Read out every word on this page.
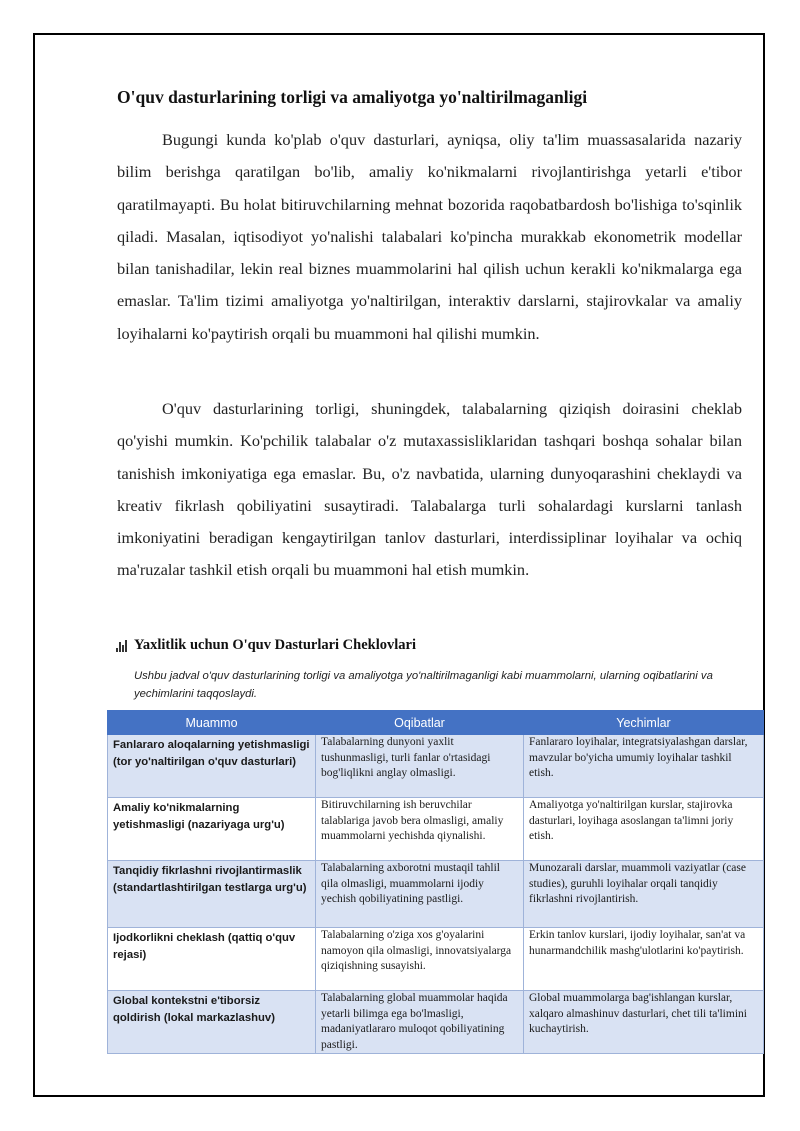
O'quv dasturlarining torligi va amaliyotga yo'naltirilmaganligi

Bugungi kunda ko'plab o'quv dasturlari, ayniqsa, oliy ta'lim muassasalarida nazariy bilim berishga qaratilgan bo'lib, amaliy ko'nikmalarni rivojlantirishga yetarli e'tibor qaratilmayapti. Bu holat bitiruvchilarning mehnat bozorida raqobatbardosh bo'lishiga to'sqinlik qiladi. Masalan, iqtisodiyot yo'nalishi talabalari ko'pincha murakkab ekonometrik modellar bilan tanishadilar, lekin real biznes muammolarini hal qilish uchun kerakli ko'nikmalarga ega emaslar. Ta'lim tizimi amaliyotga yo'naltirilgan, interaktiv darslarni, stajirovkalar va amaliy loyihalarni ko'paytirish orqali bu muammoni hal qilishi mumkin.

O'quv dasturlarining torligi, shuningdek, talabalarning qiziqish doirasini cheklab qo'yishi mumkin. Ko'pchilik talabalar o'z mutaxassisliklaridan tashqari boshqa sohalar bilan tanishish imkoniyatiga ega emaslar. Bu, o'z navbatida, ularning dunyoqarashini cheklaydi va kreativ fikrlash qobiliyatini susaytiradi. Talabalarga turli sohalardagi kurslarni tanlash imkoniyatini beradigan kengaytirilgan tanlov dasturlari, interdissiplinar loyihalar va ochiq ma'ruzalar tashkil etish orqali bu muammoni hal etish mumkin.

Yaxlitlik uchun O'quv Dasturlari Cheklovlari

Ushbu jadval o'quv dasturlarining torligi va amaliyotga yo'naltirilmaganligi kabi muammolarni, ularning oqibatlarini va yechimlarini taqqoslaydi.

Muammo	Oqibatlar	Yechimlar
Fanlararo aloqalarning yetishmasligi (tor yo'naltirilgan o'quv dasturlari)	Talabalarning dunyoni yaxlit tushunmasligi, turli fanlar o'rtasidagi bog'liqlikni anglay olmasligi.	Fanlararo loyihalar, integratsiyalashgan darslar, mavzular bo'yicha umumiy loyihalar tashkil etish.
Amaliy ko'nikmalarning yetishmasligi (nazariyaga urg'u)	Bitiruvchilarning ish beruvchilar talablariga javob bera olmasligi, amaliy muammolarni yechishda qiynalishi.	Amaliyotga yo'naltirilgan kurslar, stajirovka dasturlari, loyihaga asoslangan ta'limni joriy etish.
Tanqidiy fikrlashni rivojlantirmaslik (standartlashtirilgan testlarga urg'u)	Talabalarning axborotni mustaqil tahlil qila olmasligi, muammolarni ijodiy yechish qobiliyatining pastligi.	Munozarali darslar, muammoli vaziyatlar (case studies), guruhli loyihalar orqali tanqidiy fikrlashni rivojlantirish.
Ijodkorlikni cheklash (qattiq o'quv rejasi)	Talabalarning o'ziga xos g'oyalarini namoyon qila olmasligi, innovatsiyalarga qiziqishning susayishi.	Erkin tanlov kurslari, ijodiy loyihalar, san'at va hunarmandchilik mashg'ulotlarini ko'paytirish.
Global kontekstni e'tiborsiz qoldirish (lokal markazlashuv)	Talabalarning global muammolar haqida yetarli bilimga ega bo'lmasligi, madaniyatlararo muloqot qobiliyatining pastligi.	Global muammolarga bag'ishlangan kurslar, xalqaro almashinuv dasturlari, chet tili ta'limini kuchaytirish.
